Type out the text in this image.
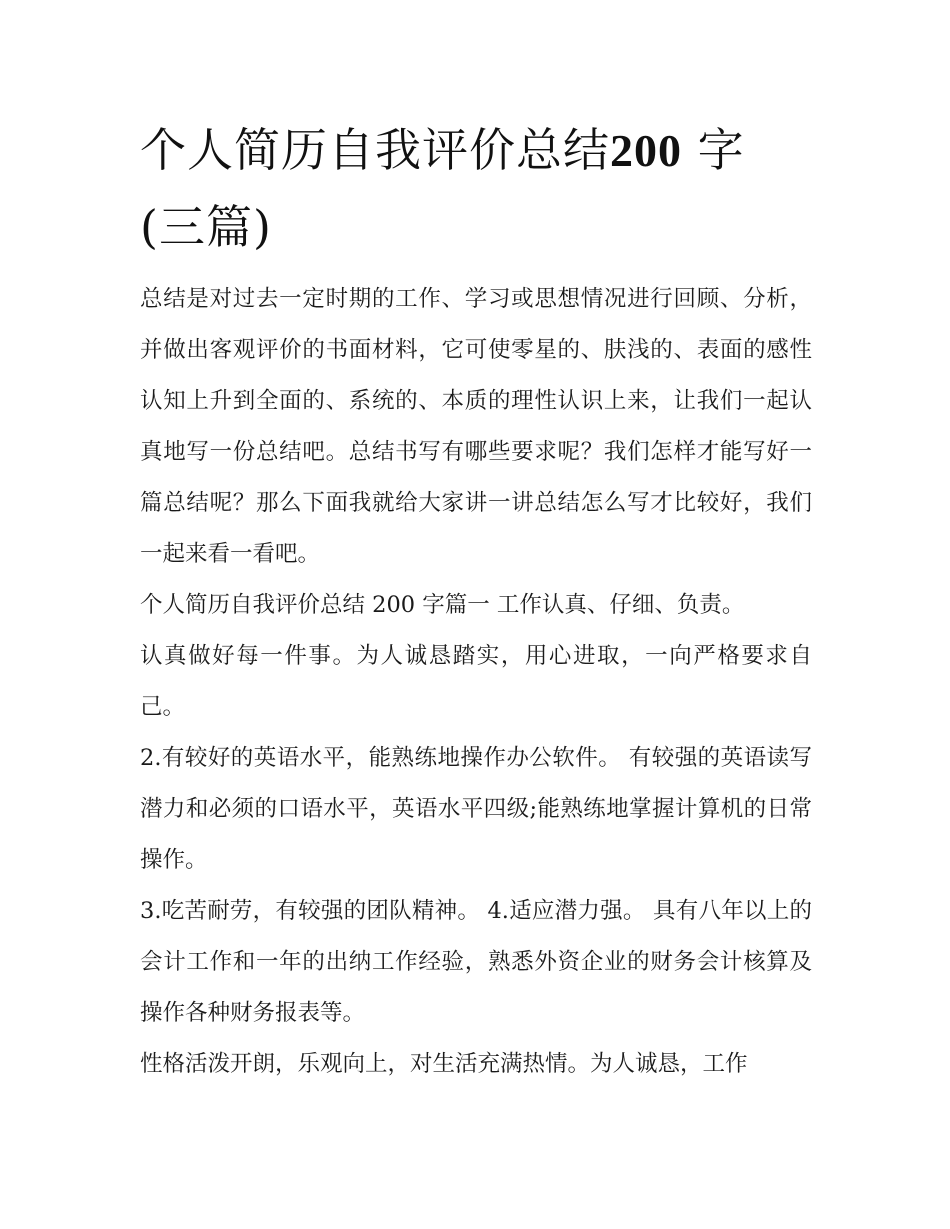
个人简历自我评价总结200 字
(三篇)

总结是对过去一定时期的工作、学习或思想情况进行回顾、分析，并做出客观评价的书面材料，它可使零星的、肤浅的、表面的感性认知上升到全面的、系统的、本质的理性认识上来，让我们一起认真地写一份总结吧。总结书写有哪些要求呢？我们怎样才能写好一篇总结呢？那么下面我就给大家讲一讲总结怎么写才比较好，我们一起来看一看吧。

个人简历自我评价总结 200 字篇一 工作认真、仔细、负责。

认真做好每一件事。为人诚恳踏实，用心进取，一向严格要求自己。

2.有较好的英语水平，能熟练地操作办公软件。 有较强的英语读写潜力和必须的口语水平，英语水平四级;能熟练地掌握计算机的日常操作。

3.吃苦耐劳，有较强的团队精神。 4.适应潜力强。 具有八年以上的会计工作和一年的出纳工作经验，熟悉外资企业的财务会计核算及操作各种财务报表等。

性格活泼开朗，乐观向上，对生活充满热情。为人诚恳，工作
